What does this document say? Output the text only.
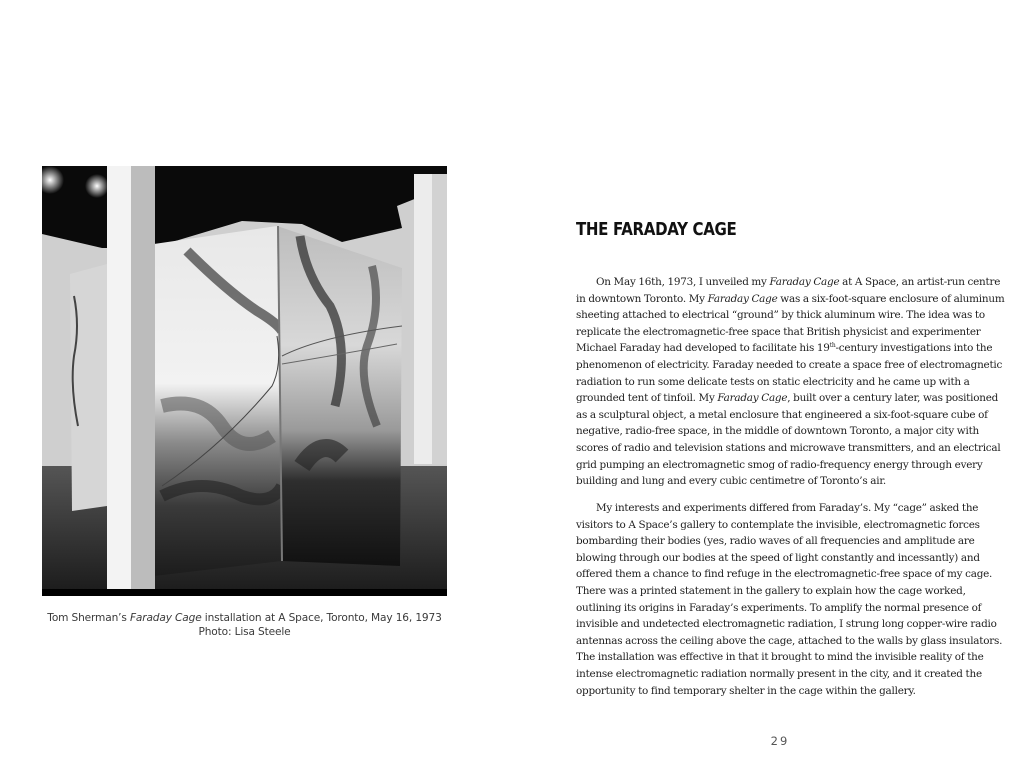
Tom Sherman’s Faraday Cage installation at A Space, Toronto, May 16, 1973
Photo: Lisa Steele
THE FARADAY CAGE
On May 16th, 1973, I unveiled my Faraday Cage at A Space, an artist-run centre
in downtown Toronto. My Faraday Cage was a six-foot-square enclosure of aluminum
sheeting attached to electrical “ground” by thick aluminum wire. The idea was to
replicate the electromagnetic-free space that British physicist and experimenter
Michael Faraday had developed to facilitate his 19th-century investigations into the
phenomenon of electricity. Faraday needed to create a space free of electromagnetic
radiation to run some delicate tests on static electricity and he came up with a
grounded tent of tinfoil. My Faraday Cage, built over a century later, was positioned
as a sculptural object, a metal enclosure that engineered a six-foot-square cube of
negative, radio-free space, in the middle of downtown Toronto, a major city with
scores of radio and television stations and microwave transmitters, and an electrical
grid pumping an electromagnetic smog of radio-frequency energy through every
building and lung and every cubic centimetre of Toronto’s air.
My interests and experiments differed from Faraday’s. My “cage” asked the
visitors to A Space’s gallery to contemplate the invisible, electromagnetic forces
bombarding their bodies (yes, radio waves of all frequencies and amplitude are
blowing through our bodies at the speed of light constantly and incessantly) and
offered them a chance to find refuge in the electromagnetic-free space of my cage.
There was a printed statement in the gallery to explain how the cage worked,
outlining its origins in Faraday’s experiments. To amplify the normal presence of
invisible and undetected electromagnetic radiation, I strung long copper-wire radio
antennas across the ceiling above the cage, attached to the walls by glass insulators.
The installation was effective in that it brought to mind the invisible reality of the
intense electromagnetic radiation normally present in the city, and it created the
opportunity to find temporary shelter in the cage within the gallery.
29
